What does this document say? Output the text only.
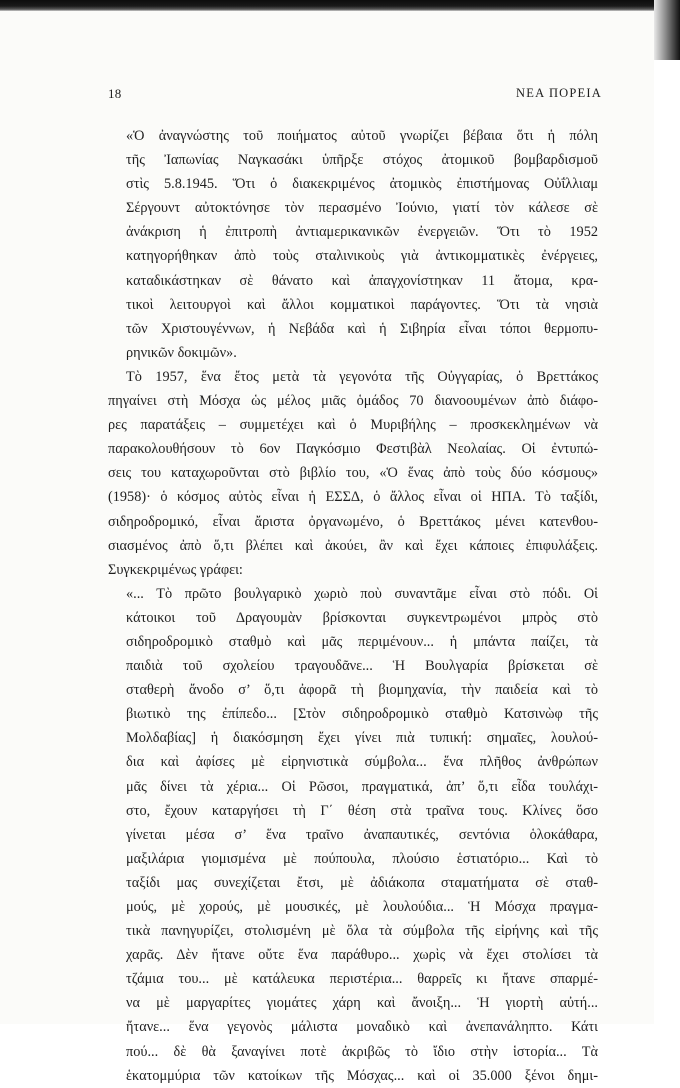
18	ΝΕΑ ΠΟΡΕΙΑ
«Ὁ ἀναγνώστης τοῦ ποιήματος αὐτοῦ γνωρίζει βέβαια ὅτι ἡ πόλη
τῆς Ἰαπωνίας Ναγκασάκι ὑπῆρξε στόχος ἀτομικοῦ βομβαρδισμοῦ
στὶς 5.8.1945. Ὅτι ὁ διακεκριμένος ἀτομικὸς ἐπιστήμονας Οὐΐλλιαμ
Σέργουντ αὐτοκτόνησε τὸν περασμένο Ἰούνιο, γιατί τὸν κάλεσε σὲ
ἀνάκριση ἡ ἐπιτροπὴ ἀντιαμερικανικῶν ἐνεργειῶν. Ὅτι τὸ 1952
κατηγορήθηκαν ἀπὸ τοὺς σταλινικοὺς γιὰ ἀντικομματικὲς ἐνέργειες,
καταδικάστηκαν σὲ θάνατο καὶ ἀπαγχονίστηκαν 11 ἄτομα, κρα-
τικοὶ λειτουργοὶ καὶ ἄλλοι κομματικοὶ παράγοντες. Ὅτι τὰ νησιὰ
τῶν Χριστουγέννων, ἡ Νεβάδα καὶ ἡ Σιβηρία εἶναι τόποι θερμοπυ-
ρηνικῶν δοκιμῶν».
Τὸ 1957, ἕνα ἔτος μετὰ τὰ γεγονότα τῆς Οὐγγαρίας, ὁ Βρεττάκος
πηγαίνει στὴ Μόσχα ὡς μέλος μιᾶς ὁμάδος 70 διανοουμένων ἀπὸ διάφο-
ρες παρατάξεις – συμμετέχει καὶ ὁ Μυριβήλης – προσκεκλημένων νὰ
παρακολουθήσουν τὸ 6ον Παγκόσμιο Φεστιβὰλ Νεολαίας. Οἱ ἐντυπώ-
σεις του καταχωροῦνται στὸ βιβλίο του, «Ὁ ἕνας ἀπὸ τοὺς δύο κόσμους»
(1958)· ὁ κόσμος αὐτὸς εἶναι ἡ ΕΣΣΔ, ὁ ἄλλος εἶναι οἱ ΗΠΑ. Τὸ ταξίδι,
σιδηροδρομικό, εἶναι ἄριστα ὀργανωμένο, ὁ Βρεττάκος μένει κατενθου-
σιασμένος ἀπὸ ὅ,τι βλέπει καὶ ἀκούει, ἂν καὶ ἔχει κάποιες ἐπιφυλάξεις.
Συγκεκριμένως γράφει:
«... Τὸ πρῶτο βουλγαρικὸ χωριὸ ποὺ συναντᾶμε εἶναι στὸ πόδι. Οἱ
κάτοικοι τοῦ Δραγουμὰν βρίσκονται συγκεντρωμένοι μπρὸς στὸ
σιδηροδρομικὸ σταθμὸ καὶ μᾶς περιμένουν... ἡ μπάντα παίζει, τὰ
παιδιὰ τοῦ σχολείου τραγουδᾶνε... Ἡ Βουλγαρία βρίσκεται σὲ
σταθερὴ ἄνοδο σ’ ὅ,τι ἀφορᾶ τὴ βιομηχανία, τὴν παιδεία καὶ τὸ
βιωτικὸ της ἐπίπεδο... [Στὸν σιδηροδρομικὸ σταθμὸ Κατσινὼφ τῆς
Μολδαβίας] ἡ διακόσμηση ἔχει γίνει πιὰ τυπική: σημαῖες, λουλού-
δια καὶ ἀφίσες μὲ εἰρηνιστικὰ σύμβολα... ἕνα πλῆθος ἀνθρώπων
μᾶς δίνει τὰ χέρια... Οἱ Ρῶσοι, πραγματικά, ἀπ’ ὅ,τι εἶδα τουλάχι-
στο, ἔχουν καταργήσει τὴ Γ΄ θέση στὰ τραῖνα τους. Κλίνες ὅσο
γίνεται μέσα σ’ ἕνα τραῖνο ἀναπαυτικές, σεντόνια ὁλοκάθαρα,
μαξιλάρια γιομισμένα μὲ πούπουλα, πλούσιο ἑστιατόριο... Καὶ τὸ
ταξίδι μας συνεχίζεται ἔτσι, μὲ ἀδιάκοπα σταματήματα σὲ σταθ-
μούς, μὲ χορούς, μὲ μουσικές, μὲ λουλούδια... Ἡ Μόσχα πραγμα-
τικὰ πανηγυρίζει, στολισμένη μὲ ὅλα τὰ σύμβολα τῆς εἰρήνης καὶ τῆς
χαρᾶς. Δὲν ἤτανε οὔτε ἕνα παράθυρο... χωρὶς νὰ ἔχει στολίσει τὰ
τζάμια του... μὲ κατάλευκα περιστέρια... θαρρεῖς κι ἤτανε σπαρμέ-
να μὲ μαργαρίτες γιομάτες χάρη καὶ ἄνοιξη... Ἡ γιορτὴ αὐτή...
ἤτανε... ἕνα γεγονὸς μάλιστα μοναδικὸ καὶ ἀνεπανάληπτο. Κάτι
πού... δὲ θὰ ξαναγίνει ποτὲ ἀκριβῶς τὸ ἴδιο στὴν ἱστορία... Τὰ
ἑκατομμύρια τῶν κατοίκων τῆς Μόσχας... καὶ οἱ 35.000 ξένοι δημι-
